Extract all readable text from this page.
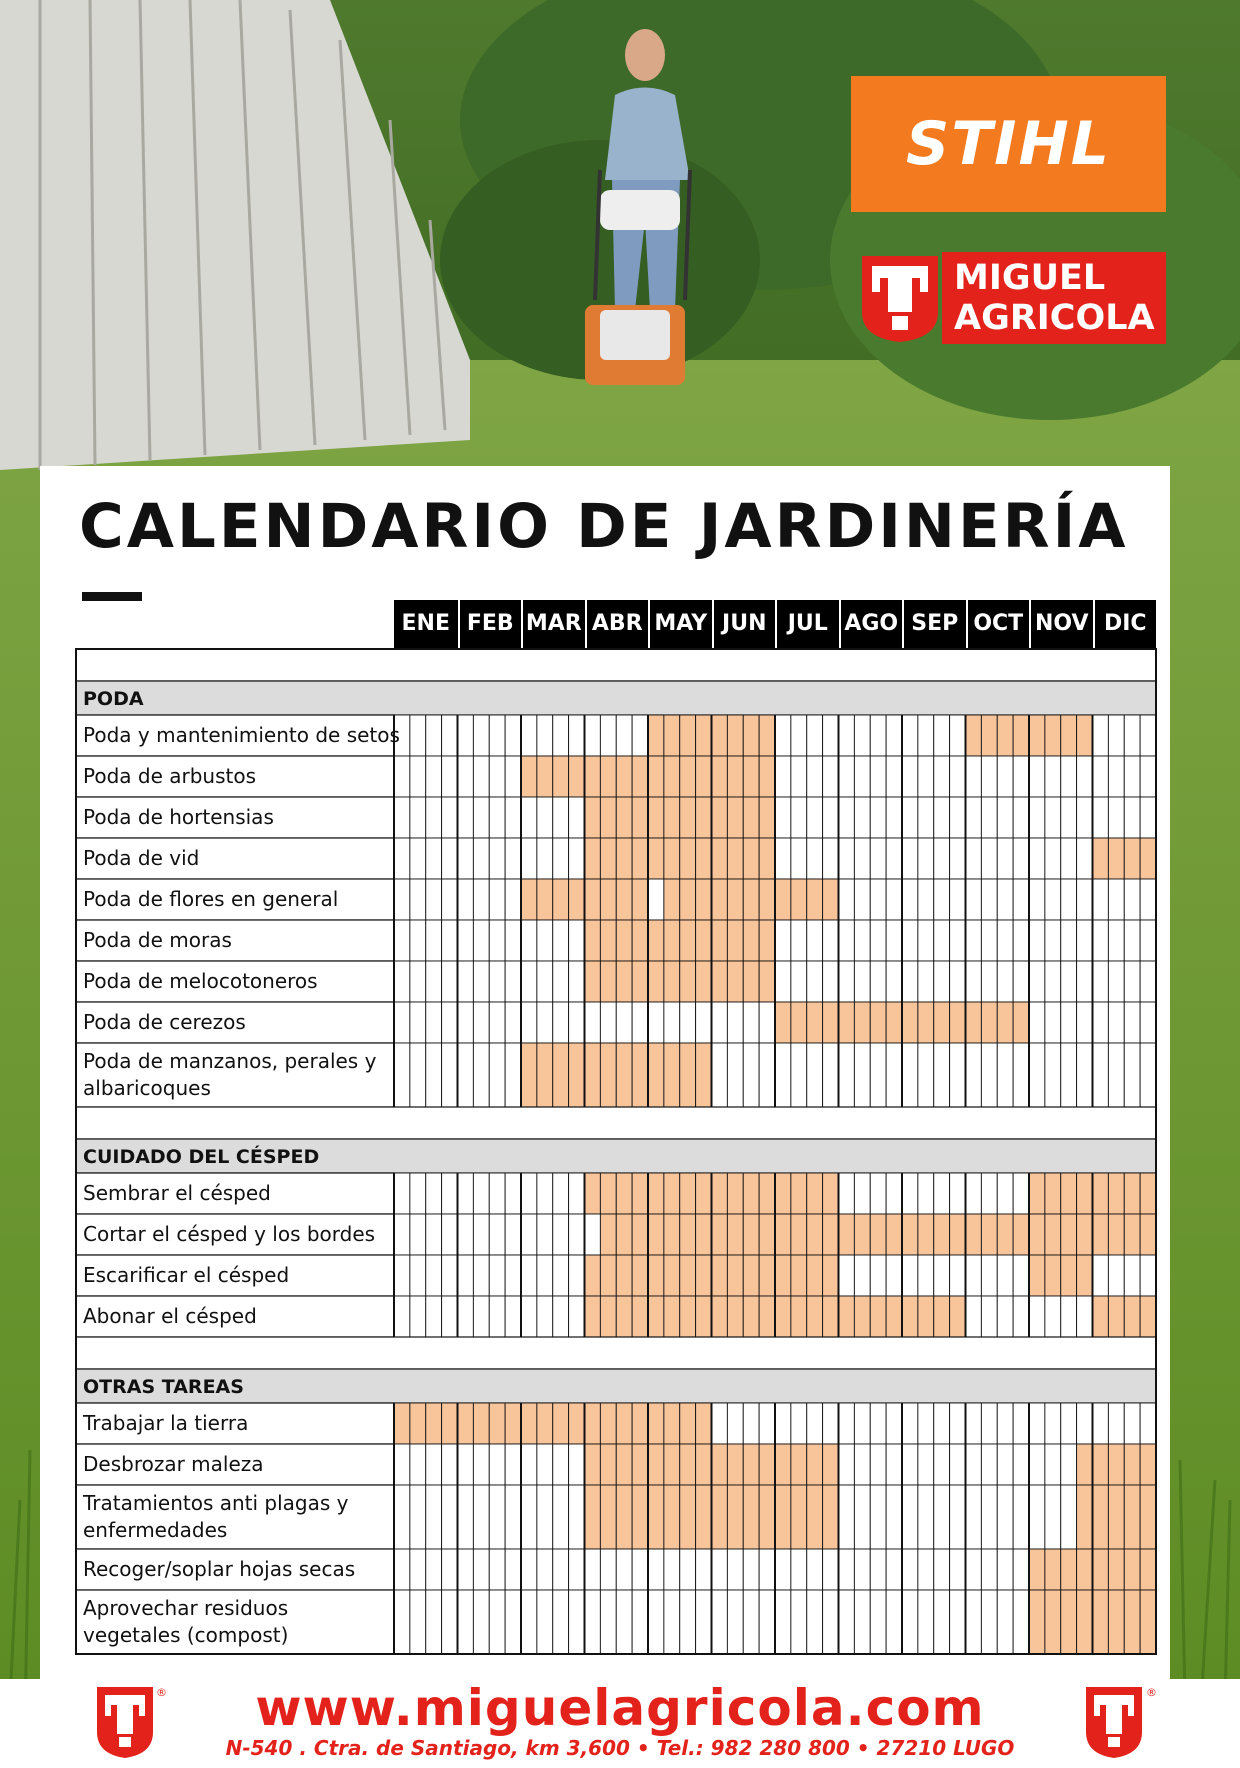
STIHL
MIGUEL
AGRICOLA
CALENDARIO DE JARDINERÍA
ENE FEB MAR ABR MAY JUN JUL AGO SEP OCT NOV DIC
PODA
Poda y mantenimiento de setos
Poda de arbustos
Poda de hortensias
Poda de vid
Poda de flores en general
Poda de moras
Poda de melocotoneros
Poda de cerezos
Poda de manzanos, perales y
albaricoques
CUIDADO DEL CÉSPED
Sembrar el césped
Cortar el césped y los bordes
Escarificar el césped
Abonar el césped
OTRAS TAREAS
Trabajar la tierra
Desbrozar maleza
Tratamientos anti plagas y
enfermedades
Recoger/soplar hojas secas
Aprovechar residuos
vegetales (compost)
®	www.miguelagricola.com
N-540 . Ctra. de Santiago, km 3,600 • Tel.: 982 280 800 • 27210 LUGO
®
